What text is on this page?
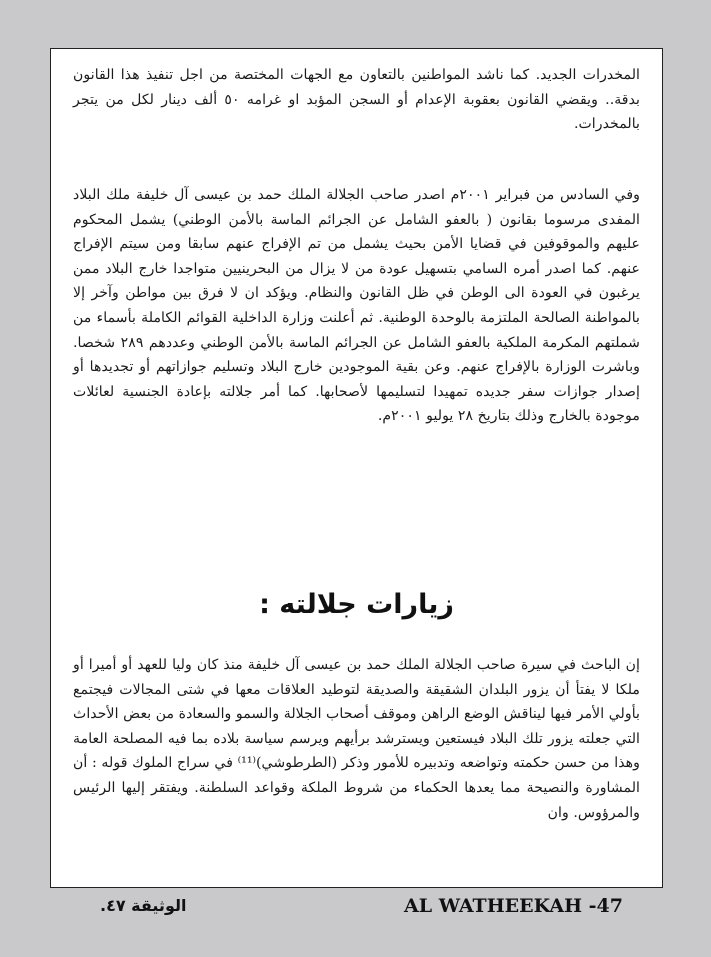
المخدرات الجديد. كما ناشد المواطنين بالتعاون مع الجهات المختصة من اجل تنفيذ هذا القانون بدقة.. ويقضي القانون بعقوبة الإعدام أو السجن المؤبد او غرامه ٥٠ ألف دينار لكل من يتجر بالمخدرات.

وفي السادس من فبراير ٢٠٠١م اصدر صاحب الجلالة الملك حمد بن عيسى آل خليفة ملك البلاد المفدى مرسوما بقانون ( بالعفو الشامل عن الجرائم الماسة بالأمن الوطني) يشمل المحكوم عليهم والموقوفين في قضايا الأمن بحيث يشمل من تم الإفراج عنهم سابقا ومن سيتم الإفراج عنهم. كما اصدر أمره السامي بتسهيل عودة من لا يزال من البحرينيين متواجدا خارج البلاد ممن يرغبون في العودة الى الوطن في ظل القانون والنظام. ويؤكد ان لا فرق بين مواطن وآخر إلا بالمواطنة الصالحة الملتزمة بالوحدة الوطنية. ثم أعلنت وزارة الداخلية القوائم الكاملة بأسماء من شملتهم المكرمة الملكية بالعفو الشامل عن الجرائم الماسة بالأمن الوطني وعددهم ٢٨٩ شخصا. وباشرت الوزارة بالإفراج عنهم. وعن بقية الموجودين خارج البلاد وتسليم جوازاتهم أو تجديدها أو إصدار جوازات سفر جديده تمهيدا لتسليمها لأصحابها. كما أمر جلالته بإعادة الجنسية لعائلات موجودة بالخارج وذلك بتاريخ ٢٨ يوليو ٢٠٠١م.

زيارات جلالته :

إن الباحث في سيرة صاحب الجلالة الملك حمد بن عيسى آل خليفة منذ كان وليا للعهد أو أميرا أو ملكا لا يفتأ أن يزور البلدان الشقيقة والصديقة لتوطيد العلاقات معها في شتى المجالات فيجتمع بأولي الأمر فيها ليناقش الوضع الراهن وموقف أصحاب الجلالة والسمو والسعادة من بعض الأحداث التي جعلته يزور تلك البلاد فيستعين ويسترشد برأيهم ويرسم سياسة بلاده بما فيه المصلحة العامة وهذا من حسن حكمته وتواضعه وتدبيره للأمور وذكر (الطرطوشي)⁽¹¹⁾ في سراج الملوك قوله : أن المشاورة والنصيحة مما يعدها الحكماء من شروط الملكة وقواعد السلطنة. ويفتقر إليها الرئيس والمرؤوس. وان

AL WATHEEKAH -47
الوثيقة ٤٧.
